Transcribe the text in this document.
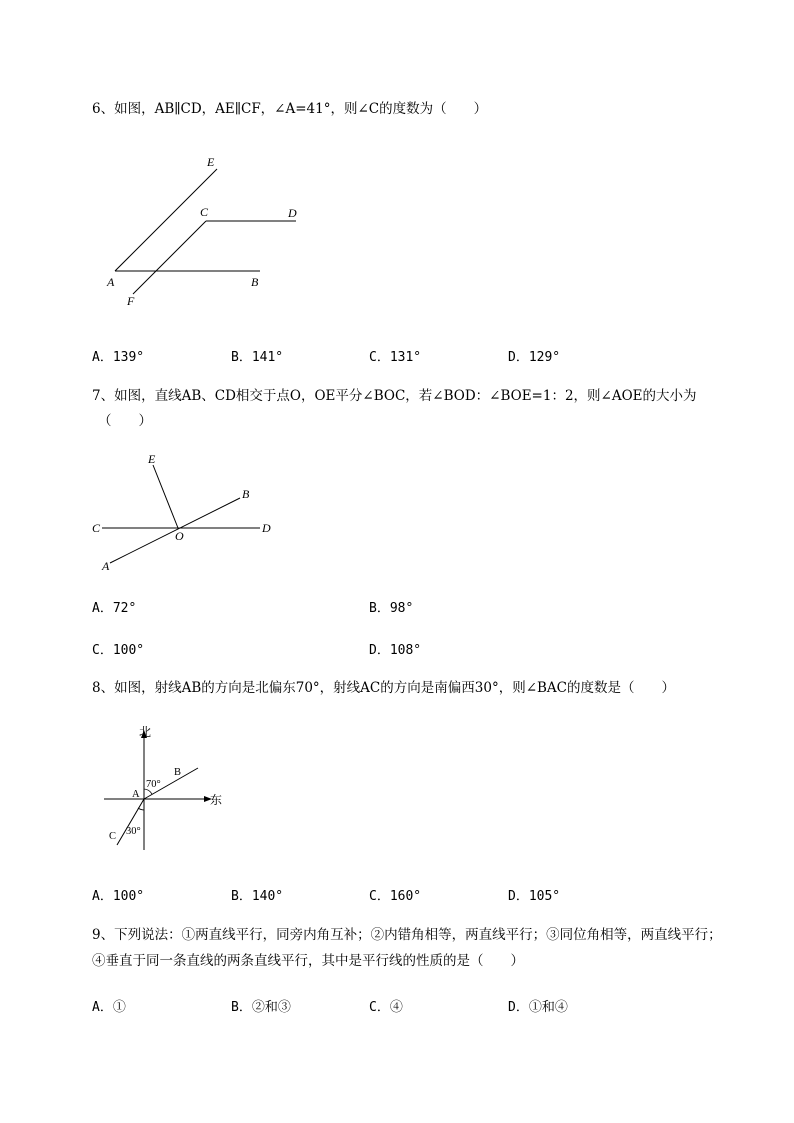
6、如图，AB∥CD，AE∥CF，∠A=41°，则∠C的度数为（　　）
E
C	D
A	B
F
A．139°	B．141°	C．131°	D．129°
7、如图，直线AB、CD相交于点O，OE平分∠BOC，若∠BOD：∠BOE=1：2，则∠AOE的大小为
（　　）
E
B
C
O
D
A
A．72°	B．98°
C．100°	D．108°
8、如图，射线AB的方向是北偏东70°，射线AC的方向是南偏西30°，则∠BAC的度数是（　　）
北
东
70°
30°
A
B
C
A．100°	B．140°	C．160°	D．105°
9、下列说法：①两直线平行，同旁内角互补；②内错角相等，两直线平行；③同位角相等，两直线平行；④垂直于同一条直线的两条直线平行，其中是平行线的性质的是（　　）
A．①	B．②和③	C．④	D．①和④
